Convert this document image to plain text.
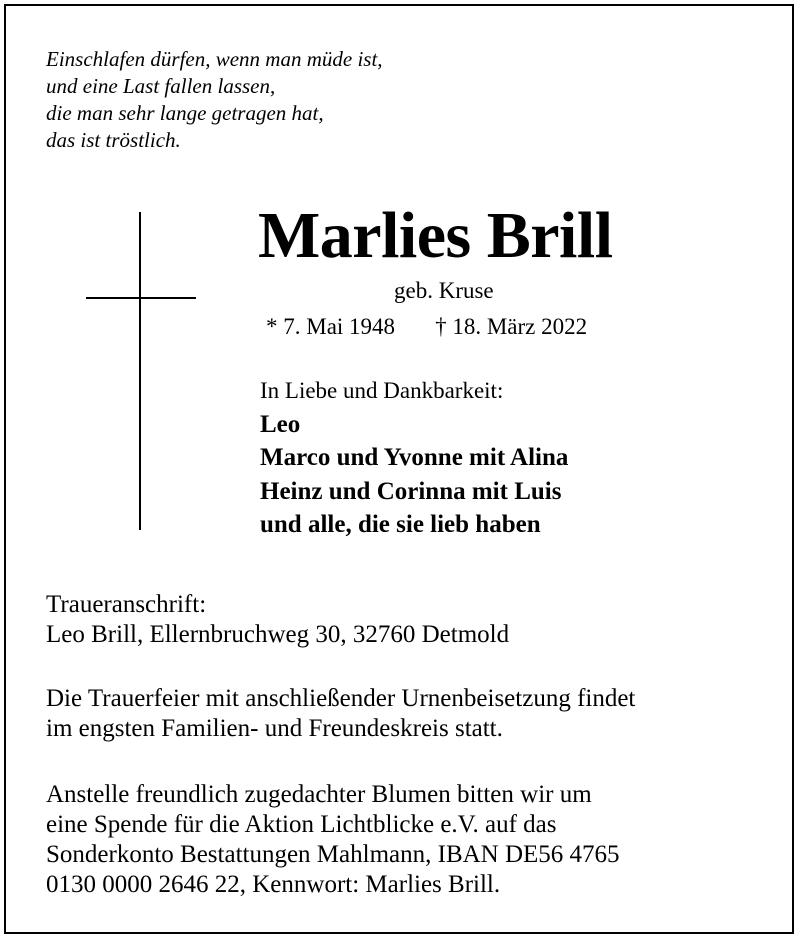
Einschlafen dürfen, wenn man müde ist,
und eine Last fallen lassen,
die man sehr lange getragen hat,
das ist tröstlich.
Marlies Brill
geb. Kruse
* 7. Mai 1948 † 18. März 2022
In Liebe und Dankbarkeit:
Leo
Marco und Yvonne mit Alina
Heinz und Corinna mit Luis
und alle, die sie lieb haben
Traueranschrift:
Leo Brill, Ellernbruchweg 30, 32760 Detmold
Die Trauerfeier mit anschließender Urnenbeisetzung findet
im engsten Familien- und Freundeskreis statt.
Anstelle freundlich zugedachter Blumen bitten wir um
eine Spende für die Aktion Lichtblicke e.V. auf das
Sonderkonto Bestattungen Mahlmann, IBAN DE56 4765
0130 0000 2646 22, Kennwort: Marlies Brill.
